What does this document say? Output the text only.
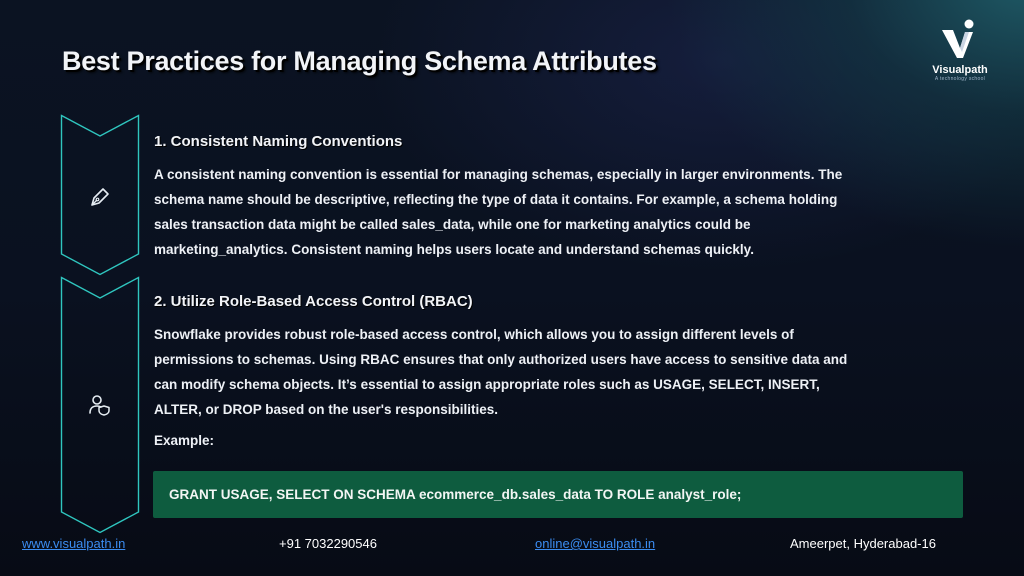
Best Practices for Managing Schema Attributes	Visualpath
A technology school
1. Consistent Naming Conventions
A consistent naming convention is essential for managing schemas, especially in larger environments. The
schema name should be descriptive, reflecting the type of data it contains. For example, a schema holding
sales transaction data might be called sales_data, while one for marketing analytics could be
marketing_analytics. Consistent naming helps users locate and understand schemas quickly.
2. Utilize Role-Based Access Control (RBAC)
Snowflake provides robust role-based access control, which allows you to assign different levels of
permissions to schemas. Using RBAC ensures that only authorized users have access to sensitive data and
can modify schema objects. It’s essential to assign appropriate roles such as USAGE, SELECT, INSERT,
ALTER, or DROP based on the user's responsibilities.
Example:
GRANT USAGE, SELECT ON SCHEMA ecommerce_db.sales_data TO ROLE analyst_role;
www.visualpath.in	+91 7032290546	online@visualpath.in	Ameerpet, Hyderabad-16
